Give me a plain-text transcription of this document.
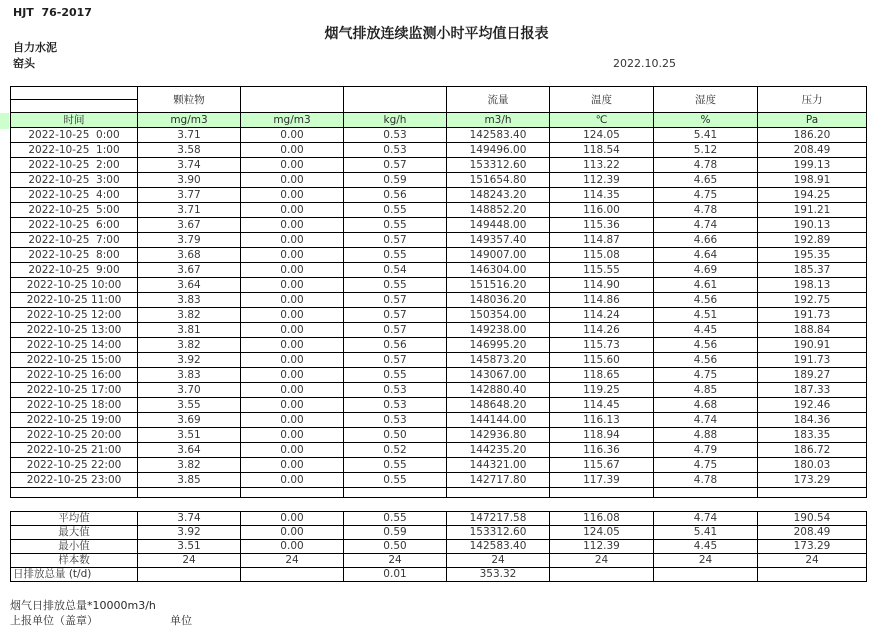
HJT  76-2017
烟气排放连续监测小时平均值日报表
自力水泥
窑头	2022.10.25
	颗粒物			流量	温度	湿度	压力

时间	mg/m3	mg/m3	kg/h	m3/h	℃	%	Pa
2022-10-25  0:00	3.71	0.00	0.53	142583.40	124.05	5.41	186.20
2022-10-25  1:00	3.58	0.00	0.53	149496.00	118.54	5.12	208.49
2022-10-25  2:00	3.74	0.00	0.57	153312.60	113.22	4.78	199.13
2022-10-25  3:00	3.90	0.00	0.59	151654.80	112.39	4.65	198.91
2022-10-25  4:00	3.77	0.00	0.56	148243.20	114.35	4.75	194.25
2022-10-25  5:00	3.71	0.00	0.55	148852.20	116.00	4.78	191.21
2022-10-25  6:00	3.67	0.00	0.55	149448.00	115.36	4.74	190.13
2022-10-25  7:00	3.79	0.00	0.57	149357.40	114.87	4.66	192.89
2022-10-25  8:00	3.68	0.00	0.55	149007.00	115.08	4.64	195.35
2022-10-25  9:00	3.67	0.00	0.54	146304.00	115.55	4.69	185.37
2022-10-25 10:00	3.64	0.00	0.55	151516.20	114.90	4.61	198.13
2022-10-25 11:00	3.83	0.00	0.57	148036.20	114.86	4.56	192.75
2022-10-25 12:00	3.82	0.00	0.57	150354.00	114.24	4.51	191.73
2022-10-25 13:00	3.81	0.00	0.57	149238.00	114.26	4.45	188.84
2022-10-25 14:00	3.82	0.00	0.56	146995.20	115.73	4.56	190.91
2022-10-25 15:00	3.92	0.00	0.57	145873.20	115.60	4.56	191.73
2022-10-25 16:00	3.83	0.00	0.55	143067.00	118.65	4.75	189.27
2022-10-25 17:00	3.70	0.00	0.53	142880.40	119.25	4.85	187.33
2022-10-25 18:00	3.55	0.00	0.53	148648.20	114.45	4.68	192.46
2022-10-25 19:00	3.69	0.00	0.53	144144.00	116.13	4.74	184.36
2022-10-25 20:00	3.51	0.00	0.50	142936.80	118.94	4.88	183.35
2022-10-25 21:00	3.64	0.00	0.52	144235.20	116.36	4.79	186.72
2022-10-25 22:00	3.82	0.00	0.55	144321.00	115.67	4.75	180.03
2022-10-25 23:00	3.85	0.00	0.55	142717.80	117.39	4.78	173.29

平均值	3.74	0.00	0.55	147217.58	116.08	4.74	190.54
最大值	3.92	0.00	0.59	153312.60	124.05	5.41	208.49
最小值	3.51	0.00	0.50	142583.40	112.39	4.45	173.29
样本数	24	24	24	24	24	24	24
日排放总量 (t/d)			0.01	353.32			
烟气日排放总量*10000m3/h
上报单位（盖章）	单位
